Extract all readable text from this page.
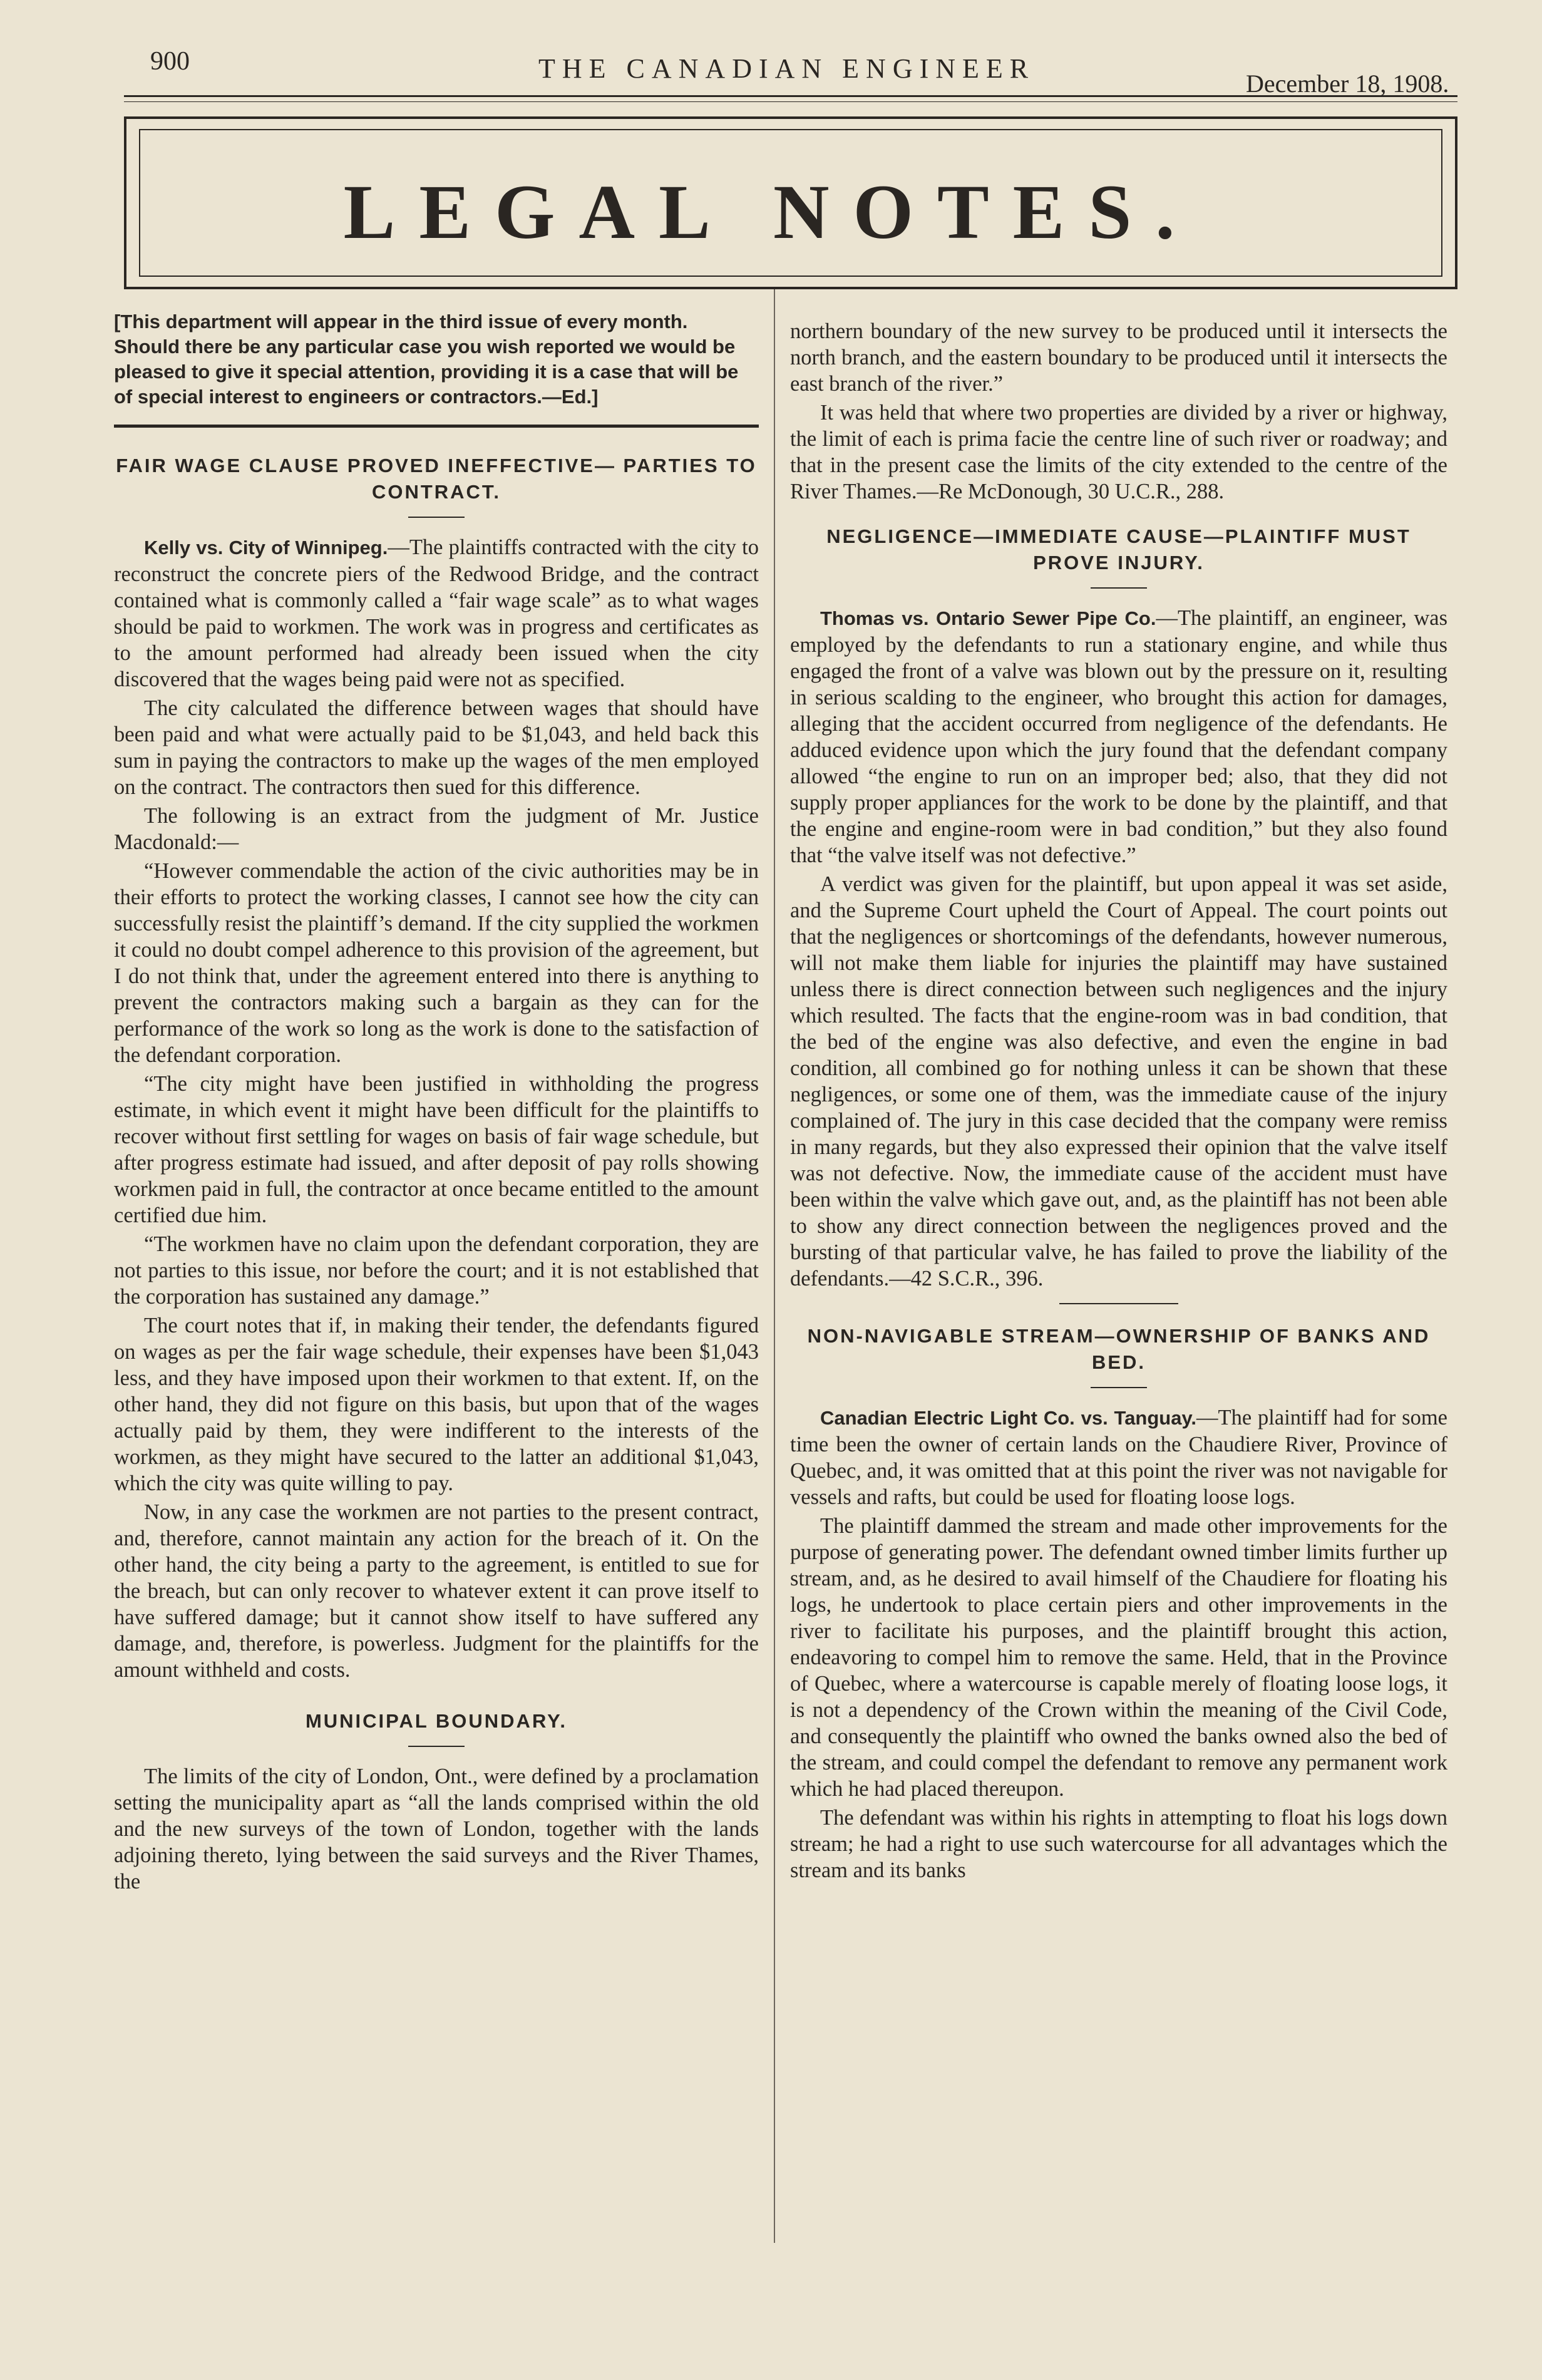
900	THE CANADIAN ENGINEER	December 18, 1908.
LEGAL NOTES.
[This department will appear in the third issue of every month. Should there be any particular case you wish reported we would be pleased to give it special attention, providing it is a case that will be of special interest to engineers or contractors.—Ed.]
FAIR WAGE CLAUSE PROVED INEFFECTIVE— PARTIES TO CONTRACT.

Kelly vs. City of Winnipeg.—The plaintiffs contracted with the city to reconstruct the concrete piers of the Redwood Bridge, and the contract contained what is commonly called a “fair wage scale” as to what wages should be paid to workmen. The work was in progress and certificates as to the amount performed had already been issued when the city discovered that the wages being paid were not as specified.

The city calculated the difference between wages that should have been paid and what were actually paid to be $1,043, and held back this sum in paying the contractors to make up the wages of the men employed on the contract. The contractors then sued for this difference.

The following is an extract from the judgment of Mr. Justice Macdonald:—

“However commendable the action of the civic authorities may be in their efforts to protect the working classes, I cannot see how the city can successfully resist the plaintiff’s demand. If the city supplied the workmen it could no doubt compel adherence to this provision of the agreement, but I do not think that, under the agreement entered into there is anything to prevent the contractors making such a bargain as they can for the performance of the work so long as the work is done to the satisfaction of the defendant corporation.

“The city might have been justified in withholding the progress estimate, in which event it might have been difficult for the plaintiffs to recover without first settling for wages on basis of fair wage schedule, but after progress estimate had issued, and after deposit of pay rolls showing workmen paid in full, the contractor at once became entitled to the amount certified due him.

“The workmen have no claim upon the defendant corporation, they are not parties to this issue, nor before the court; and it is not established that the corporation has sustained any damage.”

The court notes that if, in making their tender, the defendants figured on wages as per the fair wage schedule, their expenses have been $1,043 less, and they have imposed upon their workmen to that extent. If, on the other hand, they did not figure on this basis, but upon that of the wages actually paid by them, they were indifferent to the interests of the workmen, as they might have secured to the latter an additional $1,043, which the city was quite willing to pay.

Now, in any case the workmen are not parties to the present contract, and, therefore, cannot maintain any action for the breach of it. On the other hand, the city being a party to the agreement, is entitled to sue for the breach, but can only recover to whatever extent it can prove itself to have suffered damage; but it cannot show itself to have suffered any damage, and, therefore, is powerless. Judgment for the plaintiffs for the amount withheld and costs.

MUNICIPAL BOUNDARY.

The limits of the city of London, Ont., were defined by a proclamation setting the municipality apart as “all the lands comprised within the old and the new surveys of the town of London, together with the lands adjoining thereto, lying between the said surveys and the River Thames, the

northern boundary of the new survey to be produced until it intersects the north branch, and the eastern boundary to be produced until it intersects the east branch of the river.”

It was held that where two properties are divided by a river or highway, the limit of each is prima facie the centre line of such river or roadway; and that in the present case the limits of the city extended to the centre of the River Thames.—Re McDonough, 30 U.C.R., 288.

NEGLIGENCE—IMMEDIATE CAUSE—PLAINTIFF MUST PROVE INJURY.

Thomas vs. Ontario Sewer Pipe Co.—The plaintiff, an engineer, was employed by the defendants to run a stationary engine, and while thus engaged the front of a valve was blown out by the pressure on it, resulting in serious scalding to the engineer, who brought this action for damages, alleging that the accident occurred from negligence of the defendants. He adduced evidence upon which the jury found that the defendant company allowed “the engine to run on an improper bed; also, that they did not supply proper appliances for the work to be done by the plaintiff, and that the engine and engine-room were in bad condition,” but they also found that “the valve itself was not defective.”

A verdict was given for the plaintiff, but upon appeal it was set aside, and the Supreme Court upheld the Court of Appeal. The court points out that the negligences or shortcomings of the defendants, however numerous, will not make them liable for injuries the plaintiff may have sustained unless there is direct connection between such negligences and the injury which resulted. The facts that the engine-room was in bad condition, that the bed of the engine was also defective, and even the engine in bad condition, all combined go for nothing unless it can be shown that these negligences, or some one of them, was the immediate cause of the injury complained of. The jury in this case decided that the company were remiss in many regards, but they also expressed their opinion that the valve itself was not defective. Now, the immediate cause of the accident must have been within the valve which gave out, and, as the plaintiff has not been able to show any direct connection between the negligences proved and the bursting of that particular valve, he has failed to prove the liability of the defendants.—42 S.C.R., 396.

NON-NAVIGABLE STREAM—OWNERSHIP OF BANKS AND BED.

Canadian Electric Light Co. vs. Tanguay.—The plaintiff had for some time been the owner of certain lands on the Chaudiere River, Province of Quebec, and, it was omitted that at this point the river was not navigable for vessels and rafts, but could be used for floating loose logs.

The plaintiff dammed the stream and made other improvements for the purpose of generating power. The defendant owned timber limits further up stream, and, as he desired to avail himself of the Chaudiere for floating his logs, he undertook to place certain piers and other improvements in the river to facilitate his purposes, and the plaintiff brought this action, endeavoring to compel him to remove the same. Held, that in the Province of Quebec, where a watercourse is capable merely of floating loose logs, it is not a dependency of the Crown within the meaning of the Civil Code, and consequently the plaintiff who owned the banks owned also the bed of the stream, and could compel the defendant to remove any permanent work which he had placed thereupon.

The defendant was within his rights in attempting to float his logs down stream; he had a right to use such watercourse for all advantages which the stream and its banks
